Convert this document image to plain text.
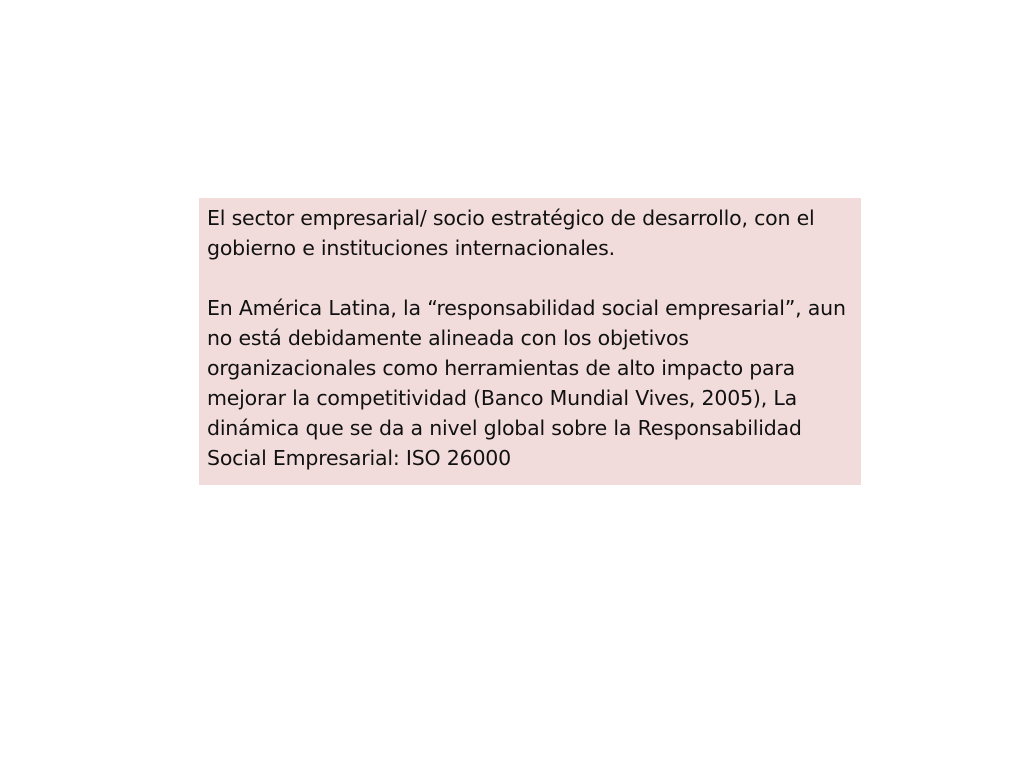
El sector empresarial/ socio estratégico de desarrollo, con el gobierno e instituciones internacionales.

En América Latina, la “responsabilidad social empresarial”, aun no está debidamente alineada con los objetivos organizacionales como herramientas de alto impacto para mejorar la competitividad (Banco Mundial Vives, 2005), La dinámica que se da a nivel global sobre la Responsabilidad Social Empresarial: ISO 26000
